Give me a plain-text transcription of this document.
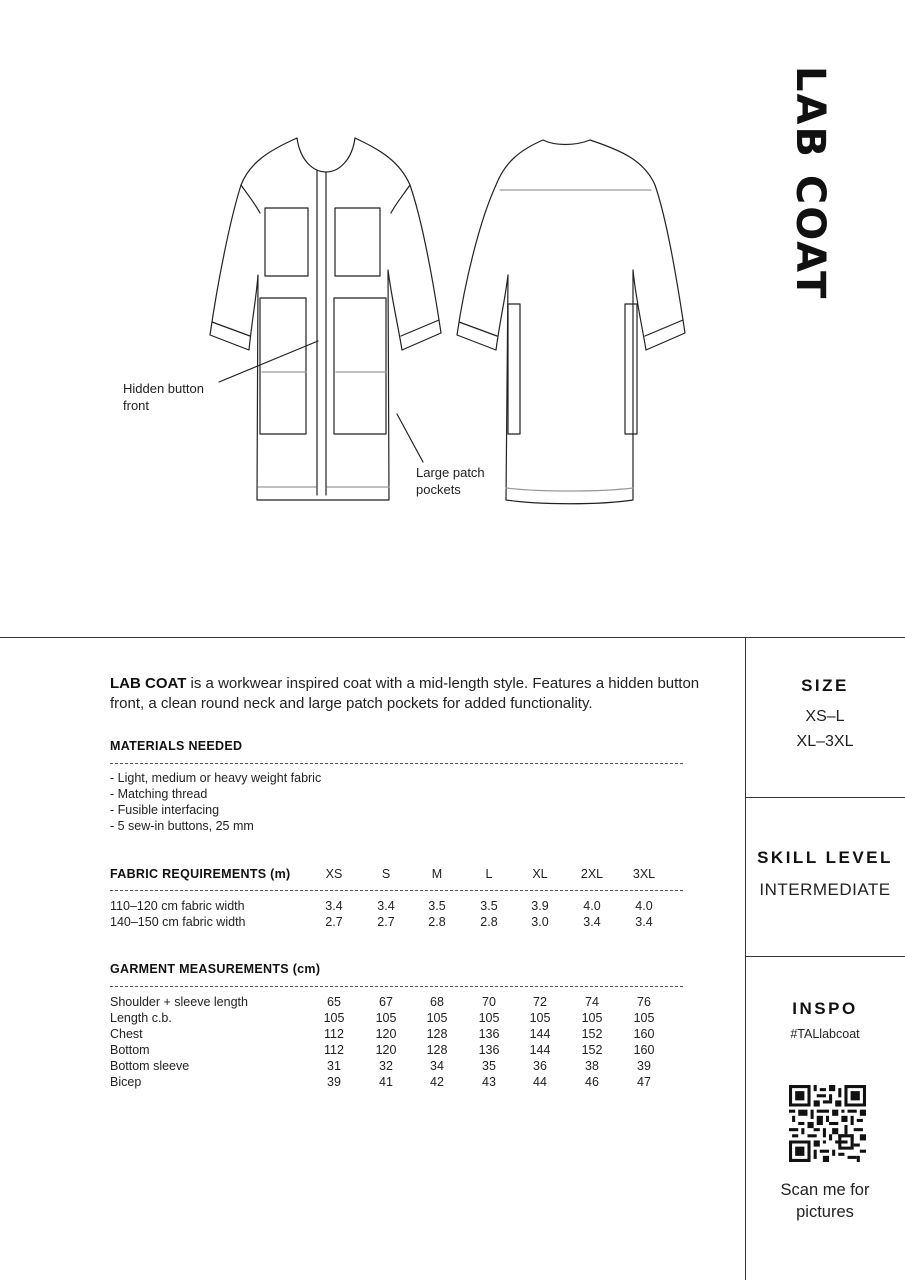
LAB COAT
Hidden button
front
Large patch
pockets
LAB COAT is a workwear inspired coat with a mid-length style. Features a hidden button front, a clean round neck and large patch pockets for added functionality.
MATERIALS NEEDED
- Light, medium or heavy weight fabric
- Matching thread
- Fusible interfacing
- 5 sew-in buttons, 25 mm
FABRIC REQUIREMENTS (m)	XS	S	M	L	XL	2XL	3XL
110–120 cm fabric width	3.4	3.4	3.5	3.5	3.9	4.0	4.0
140–150 cm fabric width	2.7	2.7	2.8	2.8	3.0	3.4	3.4
GARMENT MEASUREMENTS (cm)
Shoulder + sleeve length	65	67	68	70	72	74	76
Length c.b.	105	105	105	105	105	105	105
Chest	112	120	128	136	144	152	160
Bottom	112	120	128	136	144	152	160
Bottom sleeve	31	32	34	35	36	38	39
Bicep	39	41	42	43	44	46	47
SIZE
XS–L
XL–3XL
SKILL LEVEL
INTERMEDIATE
INSPO
#TALlabcoat
Scan me for
pictures
